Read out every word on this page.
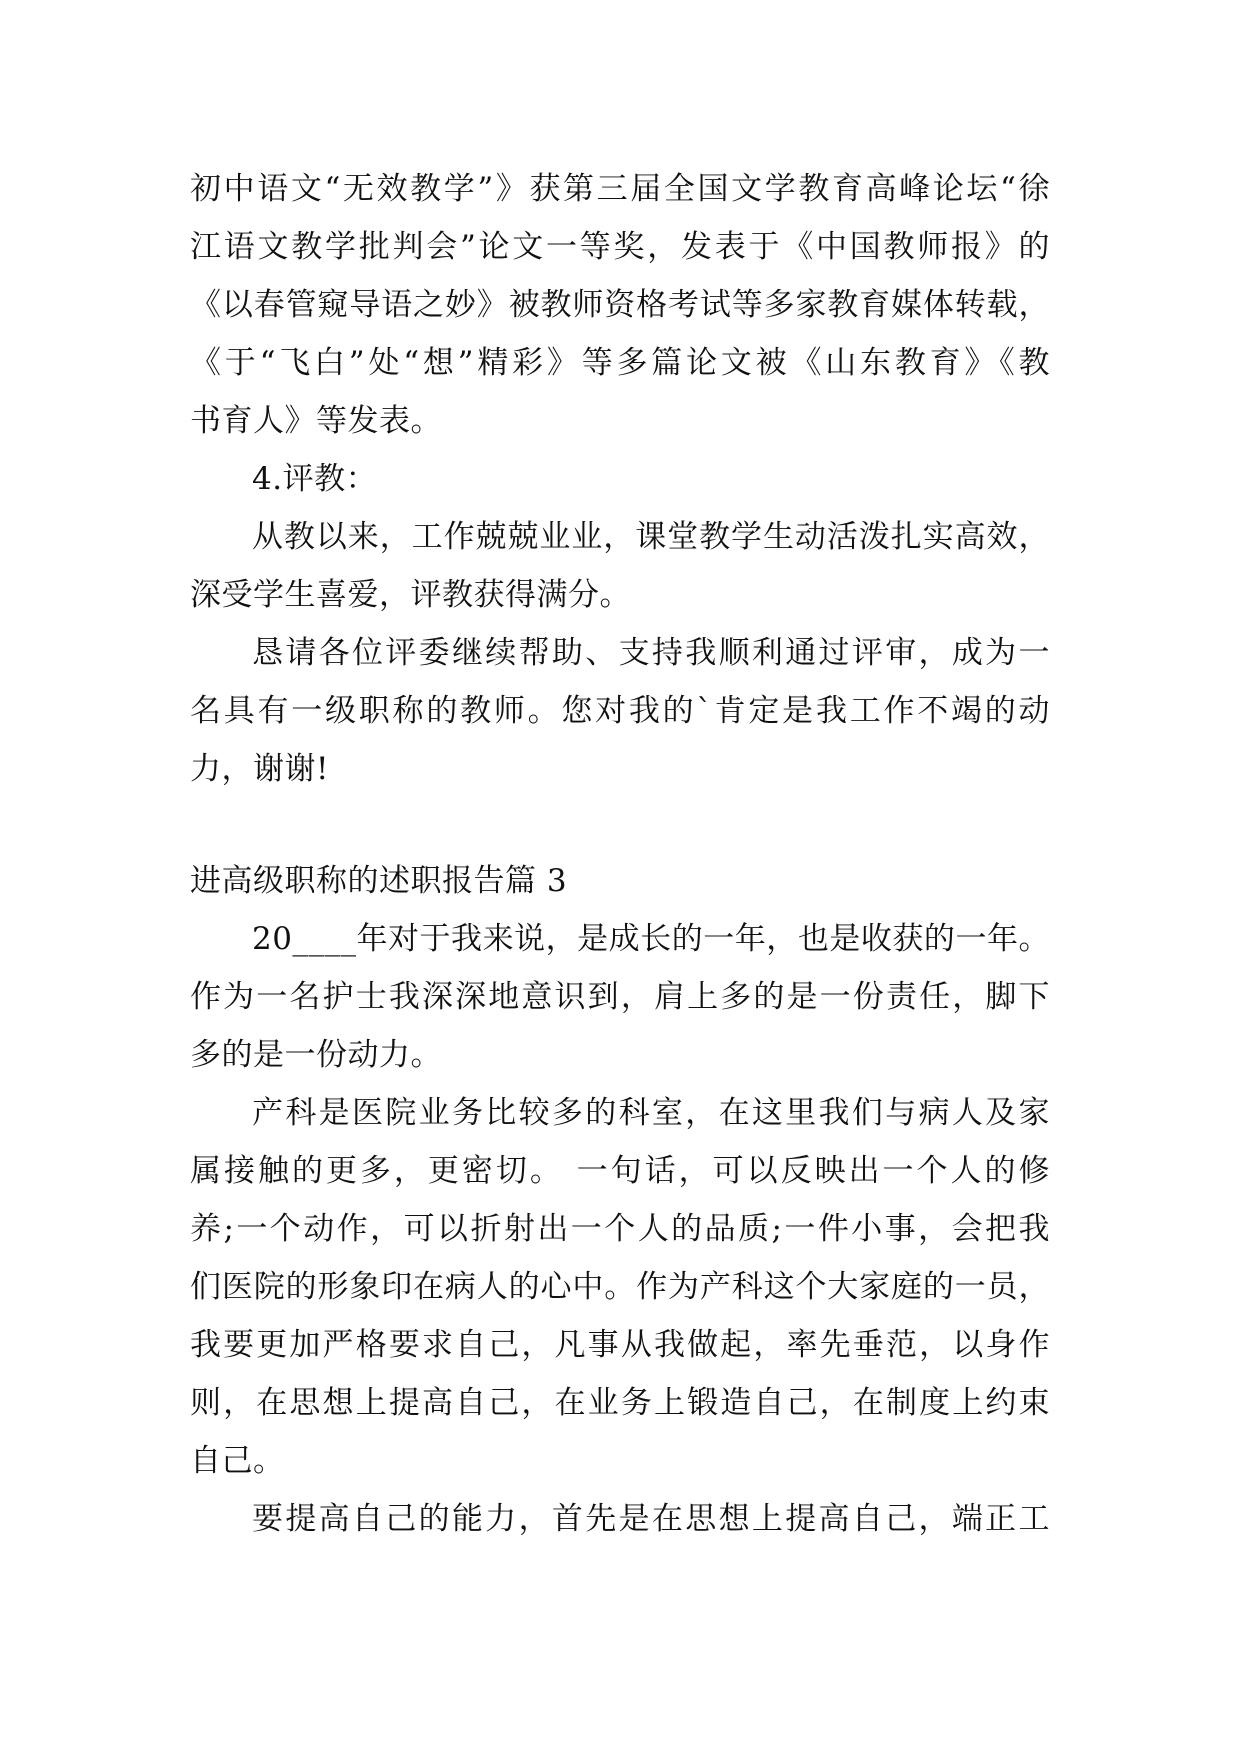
初中语文“无效教学”》获第三届全国文学教育高峰论坛“徐
江语文教学批判会”论文一等奖，发表于《中国教师报》的
《以春管窥导语之妙》被教师资格考试等多家教育媒体转载，
《于“飞白”处“想”精彩》等多篇论文被《山东教育》《教
书育人》等发表。
4.评教：
从教以来，工作兢兢业业，课堂教学生动活泼扎实高效，
深受学生喜爱，评教获得满分。
恳请各位评委继续帮助、支持我顺利通过评审，成为一
名具有一级职称的教师。您对我的`肯定是我工作不竭的动
力，谢谢!
进高级职称的述职报告篇 3
20____年对于我来说，是成长的一年，也是收获的一年。
作为一名护士我深深地意识到，肩上多的是一份责任，脚下
多的是一份动力。
产科是医院业务比较多的科室，在这里我们与病人及家
属接触的更多，更密切。 一句话，可以反映出一个人的修
养;一个动作，可以折射出一个人的品质;一件小事，会把我
们医院的形象印在病人的心中。作为产科这个大家庭的一员，
我要更加严格要求自己，凡事从我做起，率先垂范，以身作
则，在思想上提高自己，在业务上锻造自己，在制度上约束
自己。
要提高自己的能力，首先是在思想上提高自己，端正工
